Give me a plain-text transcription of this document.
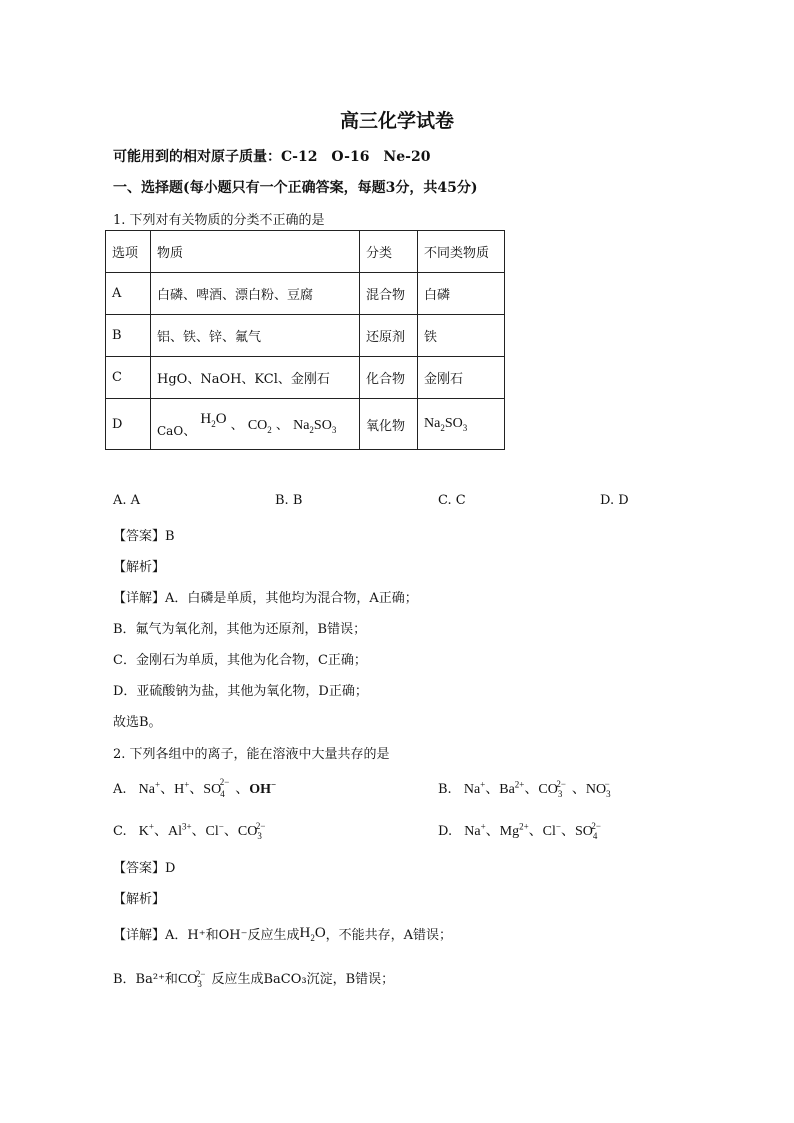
高三化学试卷
可能用到的相对原子质量：C-12　O-16　Ne-20
一、选择题(每小题只有一个正确答案，每题3分，共45分)
1. 下列对有关物质的分类不正确的是
选项	物质	分类	不同类物质
A	白磷、啤酒、漂白粉、豆腐	混合物	白磷
B	铝、铁、锌、氟气	还原剂	铁
C	HgO、NaOH、KCl、金刚石	化合物	金刚石
D	CaO、 $H_2O$ 、 $CO_2$ 、 $Na_2SO_3$	氧化物	$Na_2SO_3$
A. A	B. B	C. C	D. D
【答案】B
【解析】
【详解】A．白磷是单质，其他均为混合物，A正确；
B．氟气为氧化剂，其他为还原剂，B错误；
C．金刚石为单质，其他为化合物，C正确；
D．亚硫酸钠为盐，其他为氧化物，D正确；
故选B。
2. 下列各组中的离子，能在溶液中大量共存的是
A. Na+、H+、$SO_4^{2-}$ 、OH−	B. Na+、$Ba^{2+}$、$CO_3^{2-}$ 、$NO_3^-$
C. K+、$Al^{3+}$、Cl−、$CO_3^{2-}$	D. Na+、$Mg^{2+}$、Cl−、$SO_4^{2-}$
【答案】D
【解析】
【详解】A．H⁺和OH⁻反应生成$H_2O$，不能共存，A错误；
B．Ba²⁺和$CO_3^{2-}$ 反应生成BaCO₃沉淀，B错误；
